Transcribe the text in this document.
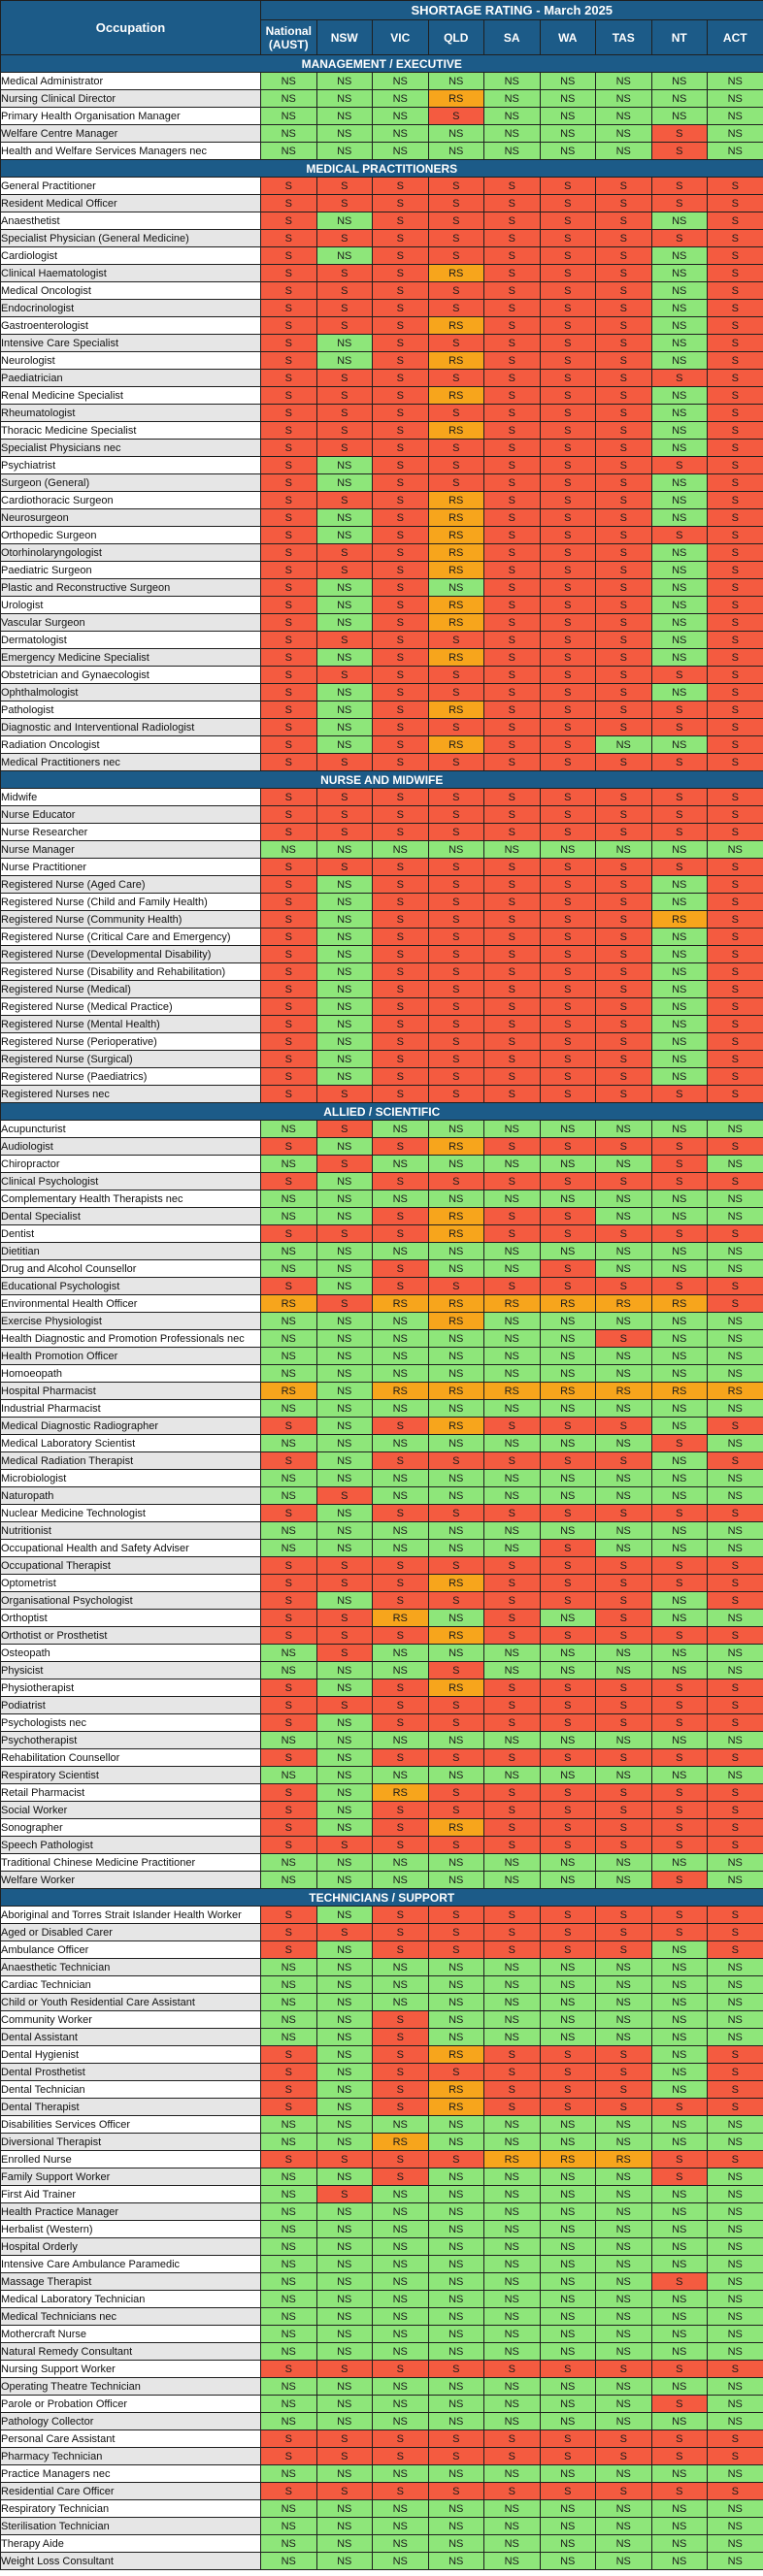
Occupation	SHORTAGE RATING - March 2025								
	National
(AUST)	NSW	VIC	QLD	SA	WA	TAS	NT	ACT
MANAGEMENT / EXECUTIVE									
Medical Administrator	NS	NS	NS	NS	NS	NS	NS	NS	NS
Nursing Clinical Director	NS	NS	NS	RS	NS	NS	NS	NS	NS
Primary Health Organisation Manager	NS	NS	NS	S	NS	NS	NS	NS	NS
Welfare Centre Manager	NS	NS	NS	NS	NS	NS	NS	S	NS
Health and Welfare Services Managers nec	NS	NS	NS	NS	NS	NS	NS	S	NS
MEDICAL PRACTITIONERS									
General Practitioner	S	S	S	S	S	S	S	S	S
Resident Medical Officer	S	S	S	S	S	S	S	S	S
Anaesthetist	S	NS	S	S	S	S	S	NS	S
Specialist Physician (General Medicine)	S	S	S	S	S	S	S	S	S
Cardiologist	S	NS	S	S	S	S	S	NS	S
Clinical Haematologist	S	S	S	RS	S	S	S	NS	S
Medical Oncologist	S	S	S	S	S	S	S	NS	S
Endocrinologist	S	S	S	S	S	S	S	NS	S
Gastroenterologist	S	S	S	RS	S	S	S	NS	S
Intensive Care Specialist	S	NS	S	S	S	S	S	NS	S
Neurologist	S	NS	S	RS	S	S	S	NS	S
Paediatrician	S	S	S	S	S	S	S	S	S
Renal Medicine Specialist	S	S	S	RS	S	S	S	NS	S
Rheumatologist	S	S	S	S	S	S	S	NS	S
Thoracic Medicine Specialist	S	S	S	RS	S	S	S	NS	S
Specialist Physicians nec	S	S	S	S	S	S	S	NS	S
Psychiatrist	S	NS	S	S	S	S	S	S	S
Surgeon (General)	S	NS	S	S	S	S	S	NS	S
Cardiothoracic Surgeon	S	S	S	RS	S	S	S	NS	S
Neurosurgeon	S	NS	S	RS	S	S	S	NS	S
Orthopedic Surgeon	S	NS	S	RS	S	S	S	S	S
Otorhinolaryngologist	S	S	S	RS	S	S	S	NS	S
Paediatric Surgeon	S	S	S	RS	S	S	S	NS	S
Plastic and Reconstructive Surgeon	S	NS	S	NS	S	S	S	NS	S
Urologist	S	NS	S	RS	S	S	S	NS	S
Vascular Surgeon	S	NS	S	RS	S	S	S	NS	S
Dermatologist	S	S	S	S	S	S	S	NS	S
Emergency Medicine Specialist	S	NS	S	RS	S	S	S	NS	S
Obstetrician and Gynaecologist	S	S	S	S	S	S	S	S	S
Ophthalmologist	S	NS	S	S	S	S	S	NS	S
Pathologist	S	NS	S	RS	S	S	S	S	S
Diagnostic and Interventional Radiologist	S	NS	S	S	S	S	S	S	S
Radiation Oncologist	S	NS	S	RS	S	S	NS	NS	S
Medical Practitioners nec	S	S	S	S	S	S	S	S	S
NURSE AND MIDWIFE									
Midwife	S	S	S	S	S	S	S	S	S
Nurse Educator	S	S	S	S	S	S	S	S	S
Nurse Researcher	S	S	S	S	S	S	S	S	S
Nurse Manager	NS	NS	NS	NS	NS	NS	NS	NS	NS
Nurse Practitioner	S	S	S	S	S	S	S	S	S
Registered Nurse (Aged Care)	S	NS	S	S	S	S	S	NS	S
Registered Nurse (Child and Family Health)	S	NS	S	S	S	S	S	NS	S
Registered Nurse (Community Health)	S	NS	S	S	S	S	S	RS	S
Registered Nurse (Critical Care and Emergency)	S	NS	S	S	S	S	S	NS	S
Registered Nurse (Developmental Disability)	S	NS	S	S	S	S	S	NS	S
Registered Nurse (Disability and Rehabilitation)	S	NS	S	S	S	S	S	NS	S
Registered Nurse (Medical)	S	NS	S	S	S	S	S	NS	S
Registered Nurse (Medical Practice)	S	NS	S	S	S	S	S	NS	S
Registered Nurse (Mental Health)	S	NS	S	S	S	S	S	NS	S
Registered Nurse (Perioperative)	S	NS	S	S	S	S	S	NS	S
Registered Nurse (Surgical)	S	NS	S	S	S	S	S	NS	S
Registered Nurse (Paediatrics)	S	NS	S	S	S	S	S	NS	S
Registered Nurses nec	S	S	S	S	S	S	S	S	S
ALLIED / SCIENTIFIC									
Acupuncturist	NS	S	NS	NS	NS	NS	NS	NS	NS
Audiologist	S	NS	S	RS	S	S	S	S	S
Chiropractor	NS	S	NS	NS	NS	NS	NS	S	NS
Clinical Psychologist	S	NS	S	S	S	S	S	S	S
Complementary Health Therapists nec	NS	NS	NS	NS	NS	NS	NS	NS	NS
Dental Specialist	NS	NS	S	RS	S	S	NS	NS	NS
Dentist	S	S	S	RS	S	S	S	S	S
Dietitian	NS	NS	NS	NS	NS	NS	NS	NS	NS
Drug and Alcohol Counsellor	NS	NS	S	NS	NS	S	NS	NS	NS
Educational Psychologist	S	NS	S	S	S	S	S	S	S
Environmental Health Officer	RS	S	RS	RS	RS	RS	RS	RS	S
Exercise Physiologist	NS	NS	NS	RS	NS	NS	NS	NS	NS
Health Diagnostic and Promotion Professionals nec	NS	NS	NS	NS	NS	NS	S	NS	NS
Health Promotion Officer	NS	NS	NS	NS	NS	NS	NS	NS	NS
Homoeopath	NS	NS	NS	NS	NS	NS	NS	NS	NS
Hospital Pharmacist	RS	NS	RS	RS	RS	RS	RS	RS	RS
Industrial Pharmacist	NS	NS	NS	NS	NS	NS	NS	NS	NS
Medical Diagnostic Radiographer	S	NS	S	RS	S	S	S	NS	S
Medical Laboratory Scientist	NS	NS	NS	NS	NS	NS	NS	S	NS
Medical Radiation Therapist	S	NS	S	S	S	S	S	NS	S
Microbiologist	NS	NS	NS	NS	NS	NS	NS	NS	NS
Naturopath	NS	S	NS	NS	NS	NS	NS	NS	NS
Nuclear Medicine Technologist	S	NS	S	S	S	S	S	S	S
Nutritionist	NS	NS	NS	NS	NS	NS	NS	NS	NS
Occupational Health and Safety Adviser	NS	NS	NS	NS	NS	S	NS	NS	NS
Occupational Therapist	S	S	S	S	S	S	S	S	S
Optometrist	S	S	S	RS	S	S	S	S	S
Organisational Psychologist	S	NS	S	S	S	S	S	NS	S
Orthoptist	S	S	RS	NS	S	NS	S	NS	NS
Orthotist or Prosthetist	S	S	S	RS	S	S	S	S	S
Osteopath	NS	S	NS	NS	NS	NS	NS	NS	NS
Physicist	NS	NS	NS	S	NS	NS	NS	NS	NS
Physiotherapist	S	NS	S	RS	S	S	S	S	S
Podiatrist	S	S	S	S	S	S	S	S	S
Psychologists nec	S	NS	S	S	S	S	S	S	S
Psychotherapist	NS	NS	NS	NS	NS	NS	NS	NS	NS
Rehabilitation Counsellor	S	NS	S	S	S	S	S	S	S
Respiratory Scientist	NS	NS	NS	NS	NS	NS	NS	NS	NS
Retail Pharmacist	S	NS	RS	S	S	S	S	S	S
Social Worker	S	NS	S	S	S	S	S	S	S
Sonographer	S	NS	S	RS	S	S	S	S	S
Speech Pathologist	S	S	S	S	S	S	S	S	S
Traditional Chinese Medicine Practitioner	NS	NS	NS	NS	NS	NS	NS	NS	NS
Welfare Worker	NS	NS	NS	NS	NS	NS	NS	S	NS
TECHNICIANS / SUPPORT									
Aboriginal and Torres Strait Islander Health Worker	S	NS	S	S	S	S	S	S	S
Aged or Disabled Carer	S	S	S	S	S	S	S	S	S
Ambulance Officer	S	NS	S	S	S	S	S	NS	S
Anaesthetic Technician	NS	NS	NS	NS	NS	NS	NS	NS	NS
Cardiac Technician	NS	NS	NS	NS	NS	NS	NS	NS	NS
Child or Youth Residential Care Assistant	NS	NS	NS	NS	NS	NS	NS	NS	NS
Community Worker	NS	NS	S	NS	NS	NS	NS	NS	NS
Dental Assistant	NS	NS	S	NS	NS	NS	NS	NS	NS
Dental Hygienist	S	NS	S	RS	S	S	S	NS	S
Dental Prosthetist	S	NS	S	S	S	S	S	NS	S
Dental Technician	S	NS	S	RS	S	S	S	NS	S
Dental Therapist	S	NS	S	RS	S	S	S	S	S
Disabilities Services Officer	NS	NS	NS	NS	NS	NS	NS	NS	NS
Diversional Therapist	NS	NS	RS	NS	NS	NS	NS	NS	NS
Enrolled Nurse	S	S	S	S	RS	RS	RS	S	S
Family Support Worker	NS	NS	S	NS	NS	NS	NS	S	NS
First Aid Trainer	NS	S	NS	NS	NS	NS	NS	NS	NS
Health Practice Manager	NS	NS	NS	NS	NS	NS	NS	NS	NS
Herbalist (Western)	NS	NS	NS	NS	NS	NS	NS	NS	NS
Hospital Orderly	NS	NS	NS	NS	NS	NS	NS	NS	NS
Intensive Care Ambulance Paramedic	NS	NS	NS	NS	NS	NS	NS	NS	NS
Massage Therapist	NS	NS	NS	NS	NS	NS	NS	S	NS
Medical Laboratory Technician	NS	NS	NS	NS	NS	NS	NS	NS	NS
Medical Technicians nec	NS	NS	NS	NS	NS	NS	NS	NS	NS
Mothercraft Nurse	NS	NS	NS	NS	NS	NS	NS	NS	NS
Natural Remedy Consultant	NS	NS	NS	NS	NS	NS	NS	NS	NS
Nursing Support Worker	S	S	S	S	S	S	S	S	S
Operating Theatre Technician	NS	NS	NS	NS	NS	NS	NS	NS	NS
Parole or Probation Officer	NS	NS	NS	NS	NS	NS	NS	S	NS
Pathology Collector	NS	NS	NS	NS	NS	NS	NS	NS	NS
Personal Care Assistant	S	S	S	S	S	S	S	S	S
Pharmacy Technician	S	S	S	S	S	S	S	S	S
Practice Managers nec	NS	NS	NS	NS	NS	NS	NS	NS	NS
Residential Care Officer	S	S	S	S	S	S	S	S	S
Respiratory Technician	NS	NS	NS	NS	NS	NS	NS	NS	NS
Sterilisation Technician	NS	NS	NS	NS	NS	NS	NS	NS	NS
Therapy Aide	NS	NS	NS	NS	NS	NS	NS	NS	NS
Weight Loss Consultant	NS	NS	NS	NS	NS	NS	NS	NS	NS
